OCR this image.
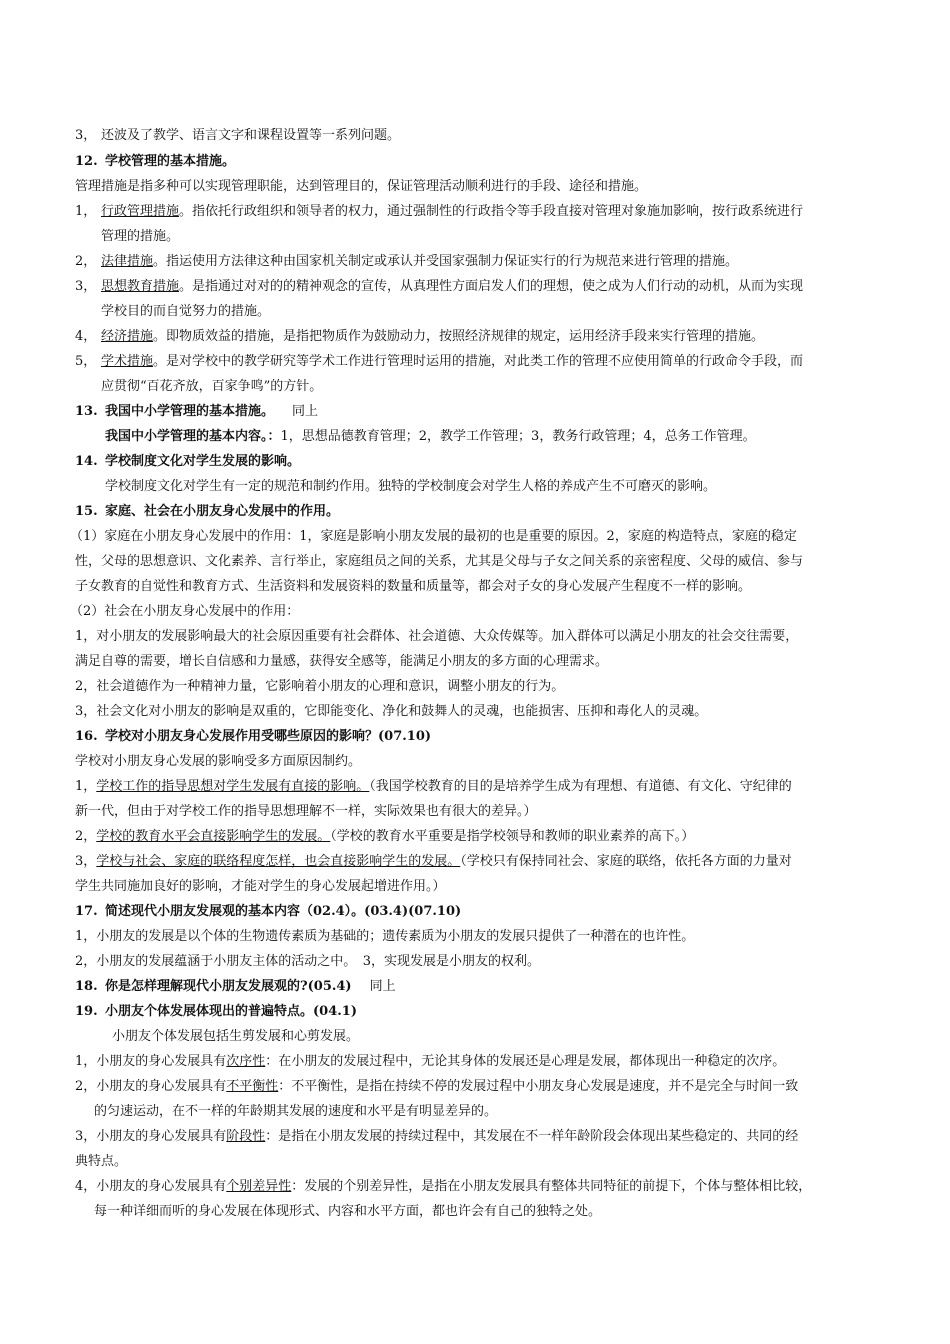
3， 还波及了教学、语言文字和课程设置等一系列问题。
12. 学校管理的基本措施。
管理措施是指多种可以实现管理职能，达到管理目的，保证管理活动顺利进行的手段、途径和措施。
1， 行政管理措施。指依托行政组织和领导者的权力，通过强制性的行政指令等手段直接对管理对象施加影响，按行政系统进行
管理的措施。
2， 法律措施。指运使用方法律这种由国家机关制定或承认并受国家强制力保证实行的行为规范来进行管理的措施。
3， 思想教育措施。是指通过对对的的精神观念的宣传，从真理性方面启发人们的理想，使之成为人们行动的动机，从而为实现
学校目的而自觉努力的措施。
4， 经济措施。即物质效益的措施，是指把物质作为鼓励动力，按照经济规律的规定，运用经济手段来实行管理的措施。
5， 学术措施。是对学校中的教学研究等学术工作进行管理时运用的措施，对此类工作的管理不应使用简单的行政命令手段，而
应贯彻“百花齐放，百家争鸣”的方针。
13. 我国中小学管理的基本措施。 同上
我国中小学管理的基本内容。：1，思想品德教育管理；2，教学工作管理；3，教务行政管理；4，总务工作管理。
14. 学校制度文化对学生发展的影响。
学校制度文化对学生有一定的规范和制约作用。独特的学校制度会对学生人格的养成产生不可磨灭的影响。
15. 家庭、社会在小朋友身心发展中的作用。
（1）家庭在小朋友身心发展中的作用：1，家庭是影响小朋友发展的最初的也是重要的原因。2，家庭的构造特点，家庭的稳定
性，父母的思想意识、文化素养、言行举止，家庭组员之间的关系，尤其是父母与子女之间关系的亲密程度、父母的威信、参与
子女教育的自觉性和教育方式、生活资料和发展资料的数量和质量等，都会对子女的身心发展产生程度不一样的影响。
（2）社会在小朋友身心发展中的作用：
1，对小朋友的发展影响最大的社会原因重要有社会群体、社会道德、大众传媒等。加入群体可以满足小朋友的社会交往需要，
满足自尊的需要，增长自信感和力量感，获得安全感等，能满足小朋友的多方面的心理需求。
2，社会道德作为一种精神力量，它影响着小朋友的心理和意识，调整小朋友的行为。
3，社会文化对小朋友的影响是双重的，它即能变化、净化和鼓舞人的灵魂，也能损害、压抑和毒化人的灵魂。
16. 学校对小朋友身心发展作用受哪些原因的影响？(07.10)
学校对小朋友身心发展的影响受多方面原因制约。
1，学校工作的指导思想对学生发展有直接的影响。（我国学校教育的目的是培养学生成为有理想、有道德、有文化、守纪律的
新一代，但由于对学校工作的指导思想理解不一样，实际效果也有很大的差异。）
2，学校的教育水平会直接影响学生的发展。（学校的教育水平重要是指学校领导和教师的职业素养的高下。）
3，学校与社会、家庭的联络程度怎样，也会直接影响学生的发展。（学校只有保持同社会、家庭的联络，依托各方面的力量对
学生共同施加良好的影响，才能对学生的身心发展起增进作用。）
17. 简述现代小朋友发展观的基本内容（02.4）。(03.4)(07.10)
1，小朋友的发展是以个体的生物遗传素质为基础的；遗传素质为小朋友的发展只提供了一种潜在的也许性。
2，小朋友的发展蕴涵于小朋友主体的活动之中。　3，实现发展是小朋友的权利。
18. 你是怎样理解现代小朋友发展观的?(05.4) 同上
19. 小朋友个体发展体现出的普遍特点。(04.1)
小朋友个体发展包括生剪发展和心剪发展。
1，小朋友的身心发展具有次序性：在小朋友的发展过程中，无论其身体的发展还是心理是发展，都体现出一种稳定的次序。
2，小朋友的身心发展具有不平衡性：不平衡性，是指在持续不停的发展过程中小朋友身心发展是速度，并不是完全与时间一致
的匀速运动，在不一样的年龄期其发展的速度和水平是有明显差异的。
3，小朋友的身心发展具有阶段性：是指在小朋友发展的持续过程中，其发展在不一样年龄阶段会体现出某些稳定的、共同的经
典特点。
4，小朋友的身心发展具有个别差异性：发展的个别差异性，是指在小朋友发展具有整体共同特征的前提下，个体与整体相比较，
每一种详细而听的身心发展在体现形式、内容和水平方面，都也许会有自己的独特之处。
